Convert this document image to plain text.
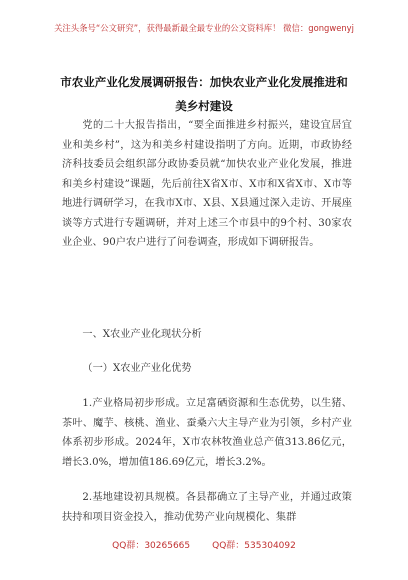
关注头条号“公文研究”，获得最新最全最专业的公文资料库！ 微信：gongwenyj
市农业产业化发展调研报告：加快农业产业化发展推进和
美乡村建设

党的二十大报告指出，“要全面推进乡村振兴，建设宜居宜业和美乡村”，这为和美乡村建设指明了方向。近期，市政协经济科技委员会组织部分政协委员就“加快农业产业化发展，推进和美乡村建设”课题，先后前往X省X市、X市和X省X市、X市等地进行调研学习，在我市X市、X县、X县通过深入走访、开展座谈等方式进行专题调研，并对上述三个市县中的9个村、30家农业企业、90户农户进行了问卷调查，形成如下调研报告。

一、X农业产业化现状分析

（一）X农业产业化优势

1.产业格局初步形成。立足富硒资源和生态优势，以生猪、茶叶、魔芋、核桃、渔业、蚕桑六大主导产业为引领，乡村产业体系初步形成。2024年，X市农林牧渔业总产值313.86亿元，增长3.0%，增加值186.69亿元，增长3.2%。

2.基地建设初具规模。各县都确立了主导产业，并通过政策扶持和项目资金投入，推动优势产业向规模化、集群

QQ群：30265665 QQ群：535304092
